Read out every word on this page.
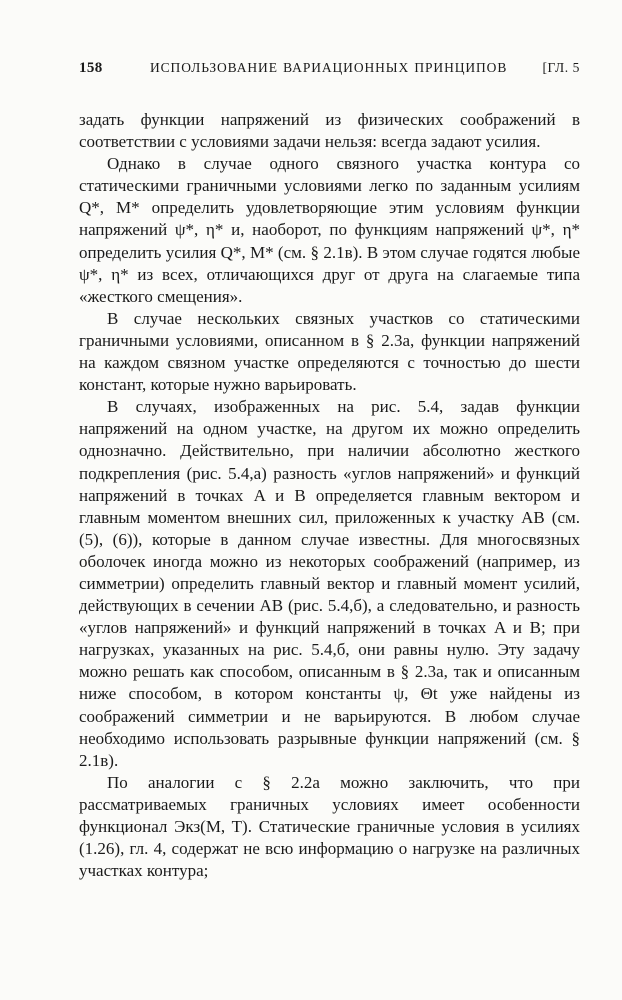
158	ИСПОЛЬЗОВАНИЕ ВАРИАЦИОННЫХ ПРИНЦИПОВ	[ГЛ. 5

задать функции напряжений из физических соображений в соответствии с условиями задачи нельзя: всегда задают усилия.

Однако в случае одного связного участка контура со статическими граничными условиями легко по заданным усилиям Q*, M* определить удовлетворяющие этим условиям функции напряжений ψ*, η* и, наоборот, по функциям напряжений ψ*, η* определить усилия Q*, M* (см. § 2.1в). В этом случае годятся любые ψ*, η* из всех, отличающихся друг от друга на слагаемые типа «жесткого смещения».

В случае нескольких связных участков со статическими граничными условиями, описанном в § 2.3а, функции напряжений на каждом связном участке определяются с точностью до шести констант, которые нужно варьировать.

В случаях, изображенных на рис. 5.4, задав функции напряжений на одном участке, на другом их можно определить однозначно. Действительно, при наличии абсолютно жесткого подкрепления (рис. 5.4,а) разность «углов напряжений» и функций напряжений в точках A и B определяется главным вектором и главным моментом внешних сил, приложенных к участку AB (см. (5), (6)), которые в данном случае известны. Для многосвязных оболочек иногда можно из некоторых соображений (например, из симметрии) определить главный вектор и главный момент усилий, действующих в сечении AB (рис. 5.4,б), а следовательно, и разность «углов напряжений» и функций напряжений в точках A и B; при нагрузках, указанных на рис. 5.4,б, они равны нулю. Эту задачу можно решать как способом, описанным в § 2.3а, так и описанным ниже способом, в котором константы ψ, Θt уже найдены из соображений симметрии и не варьируются. В любом случае необходимо использовать разрывные функции напряжений (см. § 2.1в).

По аналогии с § 2.2а можно заключить, что при рассматриваемых граничных условиях имеет особенности функционал Экз(M, T). Статические граничные условия в усилиях (1.26), гл. 4, содержат не всю информацию о нагрузке на различных участках контура;
